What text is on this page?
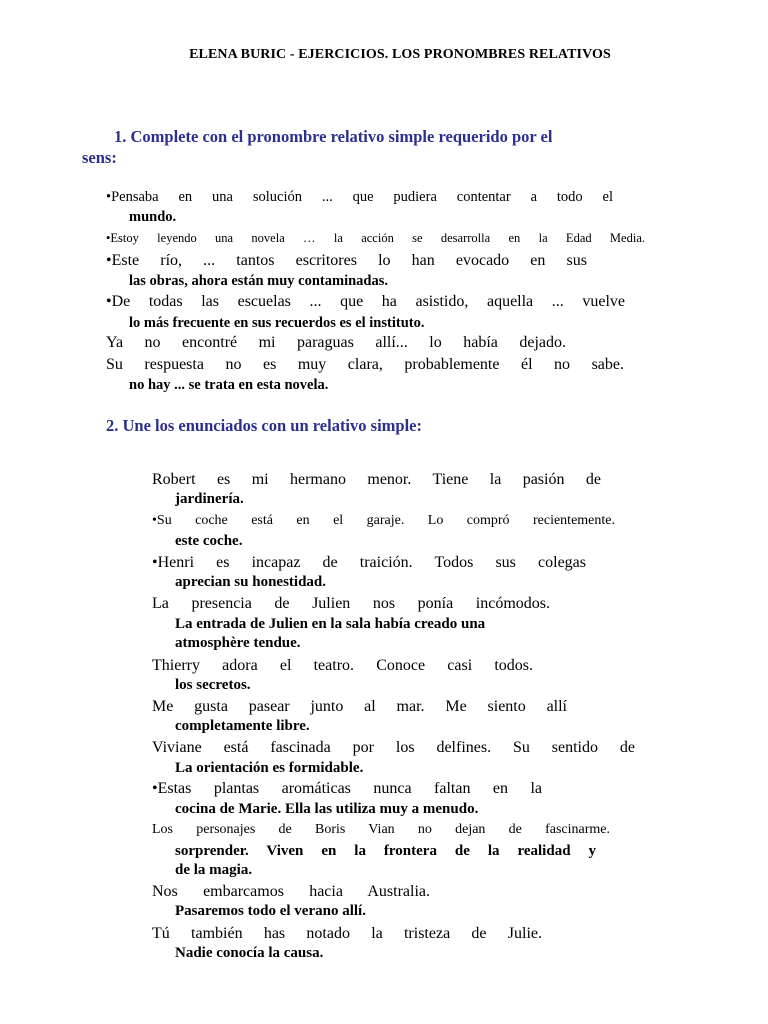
ELENA BURIC - EJERCICIOS. LOS PRONOMBRES RELATIVOS
1. Complete con el pronombre relativo simple requerido por el
sens:
•Pensaba en una solución ... que pudiera contentar a todo el
mundo.
•Estoy leyendo una novela … la acción se desarrolla en la Edad Media.
•Este río, ... tantos escritores lo han evocado en sus
las obras, ahora están muy contaminadas.
•De todas las escuelas ... que ha asistido, aquella ... vuelve
lo más frecuente en sus recuerdos es el instituto.
Ya no encontré mi paraguas allí... lo había dejado.
Su respuesta no es muy clara, probablemente él no sabe.
no hay ... se trata en esta novela.
2. Une los enunciados con un relativo simple:
Robert es mi hermano menor. Tiene la pasión de
jardinería.
•Su coche está en el garaje. Lo compró recientemente.
este coche.
•Henri es incapaz de traición. Todos sus colegas
aprecian su honestidad.
La presencia de Julien nos ponía incómodos.
La entrada de Julien en la sala había creado una
atmosphère tendue.
Thierry adora el teatro. Conoce casi todos.
los secretos.
Me gusta pasear junto al mar. Me siento allí
completamente libre.
Viviane está fascinada por los delfines. Su sentido de
La orientación es formidable.
•Estas plantas aromáticas nunca faltan en la
cocina de Marie. Ella las utiliza muy a menudo.
Los personajes de Boris Vian no dejan de fascinarme.
sorprender. Viven en la frontera de la realidad y
de la magia.
Nos embarcamos hacia Australia.
Pasaremos todo el verano allí.
Tú también has notado la tristeza de Julie.
Nadie conocía la causa.
